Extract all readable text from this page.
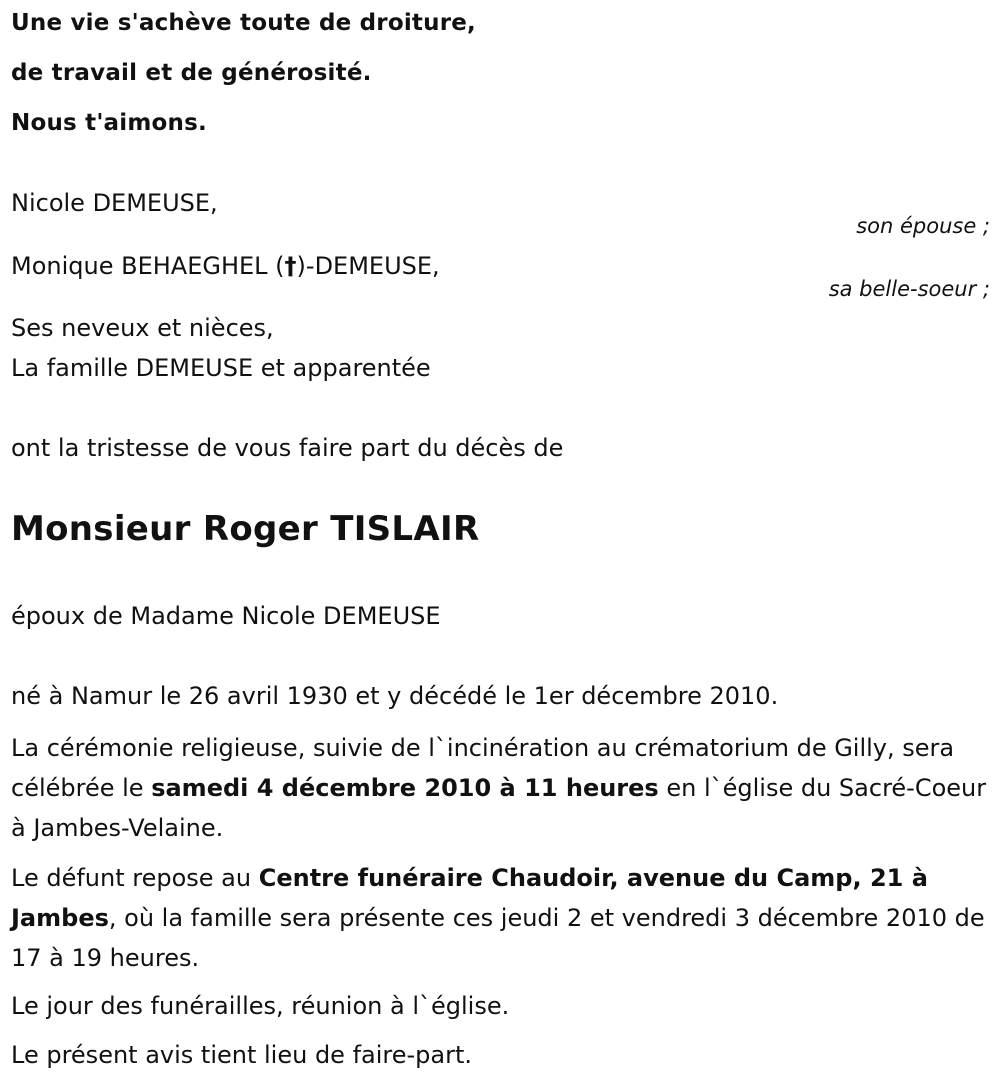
Une vie s'achève toute de droiture,

de travail et de générosité.

Nous t'aimons.

Nicole DEMEUSE,

son épouse ;

Monique BEHAEGHEL (†)-DEMEUSE,

sa belle-soeur ;

Ses neveux et nièces,

La famille DEMEUSE et apparentée

ont la tristesse de vous faire part du décès de

Monsieur Roger TISLAIR

époux de Madame Nicole DEMEUSE

né à Namur le 26 avril 1930 et y décédé le 1er décembre 2010.

La cérémonie religieuse, suivie de l`incinération au crématorium de Gilly, sera célébrée le samedi 4 décembre 2010 à 11 heures en l`église du Sacré-Coeur à Jambes-Velaine.

Le défunt repose au Centre funéraire Chaudoir, avenue du Camp, 21 à Jambes, où la famille sera présente ces jeudi 2 et vendredi 3 décembre 2010 de 17 à 19 heures.

Le jour des funérailles, réunion à l`église.

Le présent avis tient lieu de faire-part.
